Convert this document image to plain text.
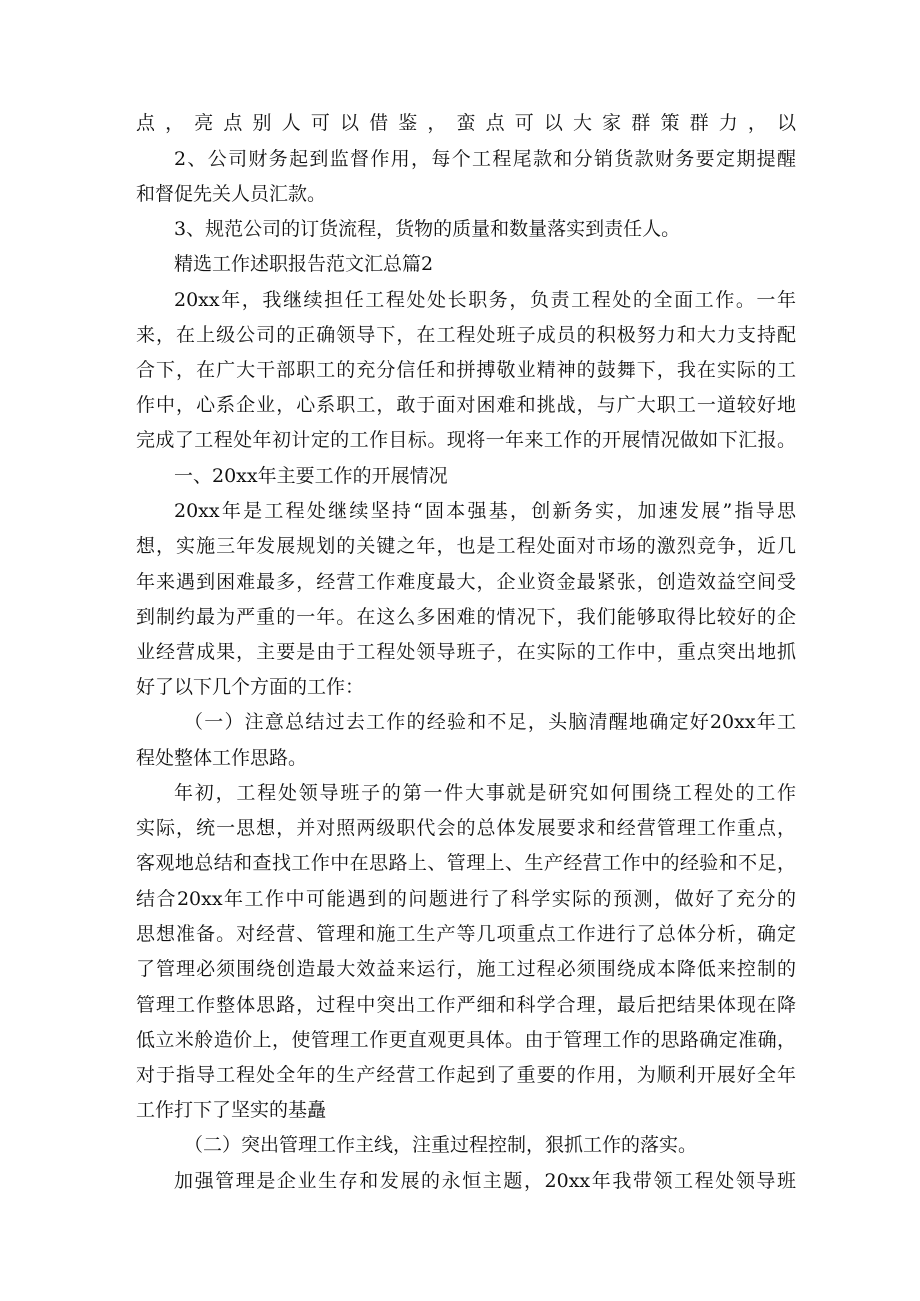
点，亮点别人可以借鉴，蛮点可以大家群策群力，以
2、公司财务起到监督作用，每个工程尾款和分销货款财务要定期提醒
和督促先关人员汇款。
3、规范公司的订货流程，货物的质量和数量落实到责任人。
精选工作述职报告范文汇总篇2
20xx年，我继续担任工程处处长职务，负责工程处的全面工作。一年
来，在上级公司的正确领导下，在工程处班子成员的积极努力和大力支持配
合下，在广大干部职工的充分信任和拼搏敬业精神的鼓舞下，我在实际的工
作中，心系企业，心系职工，敢于面对困难和挑战，与广大职工一道较好地
完成了工程处年初计定的工作目标。现将一年来工作的开展情况做如下汇报。
一、20xx年主要工作的开展情况
20xx年是工程处继续坚持“固本强基，创新务实，加速发展”指导思
想，实施三年发展规划的关键之年，也是工程处面对市场的激烈竞争，近几
年来遇到困难最多，经营工作难度最大，企业资金最紧张，创造效益空间受
到制约最为严重的一年。在这么多困难的情况下，我们能够取得比较好的企
业经营成果，主要是由于工程处领导班子，在实际的工作中，重点突出地抓
好了以下几个方面的工作：
（一）注意总结过去工作的经验和不足，头脑清醒地确定好20xx年工
程处整体工作思路。
年初，工程处领导班子的第一件大事就是研究如何围绕工程处的工作
实际，统一思想，并对照两级职代会的总体发展要求和经营管理工作重点，
客观地总结和查找工作中在思路上、管理上、生产经营工作中的经验和不足，
结合20xx年工作中可能遇到的问题进行了科学实际的预测，做好了充分的
思想准备。对经营、管理和施工生产等几项重点工作进行了总体分析，确定
了管理必须围绕创造最大效益来运行，施工过程必须围绕成本降低来控制的
管理工作整体思路，过程中突出工作严细和科学合理，最后把结果体现在降
低立米舲造价上，使管理工作更直观更具体。由于管理工作的思路确定准确，
对于指导工程处全年的生产经营工作起到了重要的作用，为顺利开展好全年
工作打下了坚实的基矗
（二）突出管理工作主线，注重过程控制，狠抓工作的落实。
加强管理是企业生存和发展的永恒主题，20xx年我带领工程处领导班
